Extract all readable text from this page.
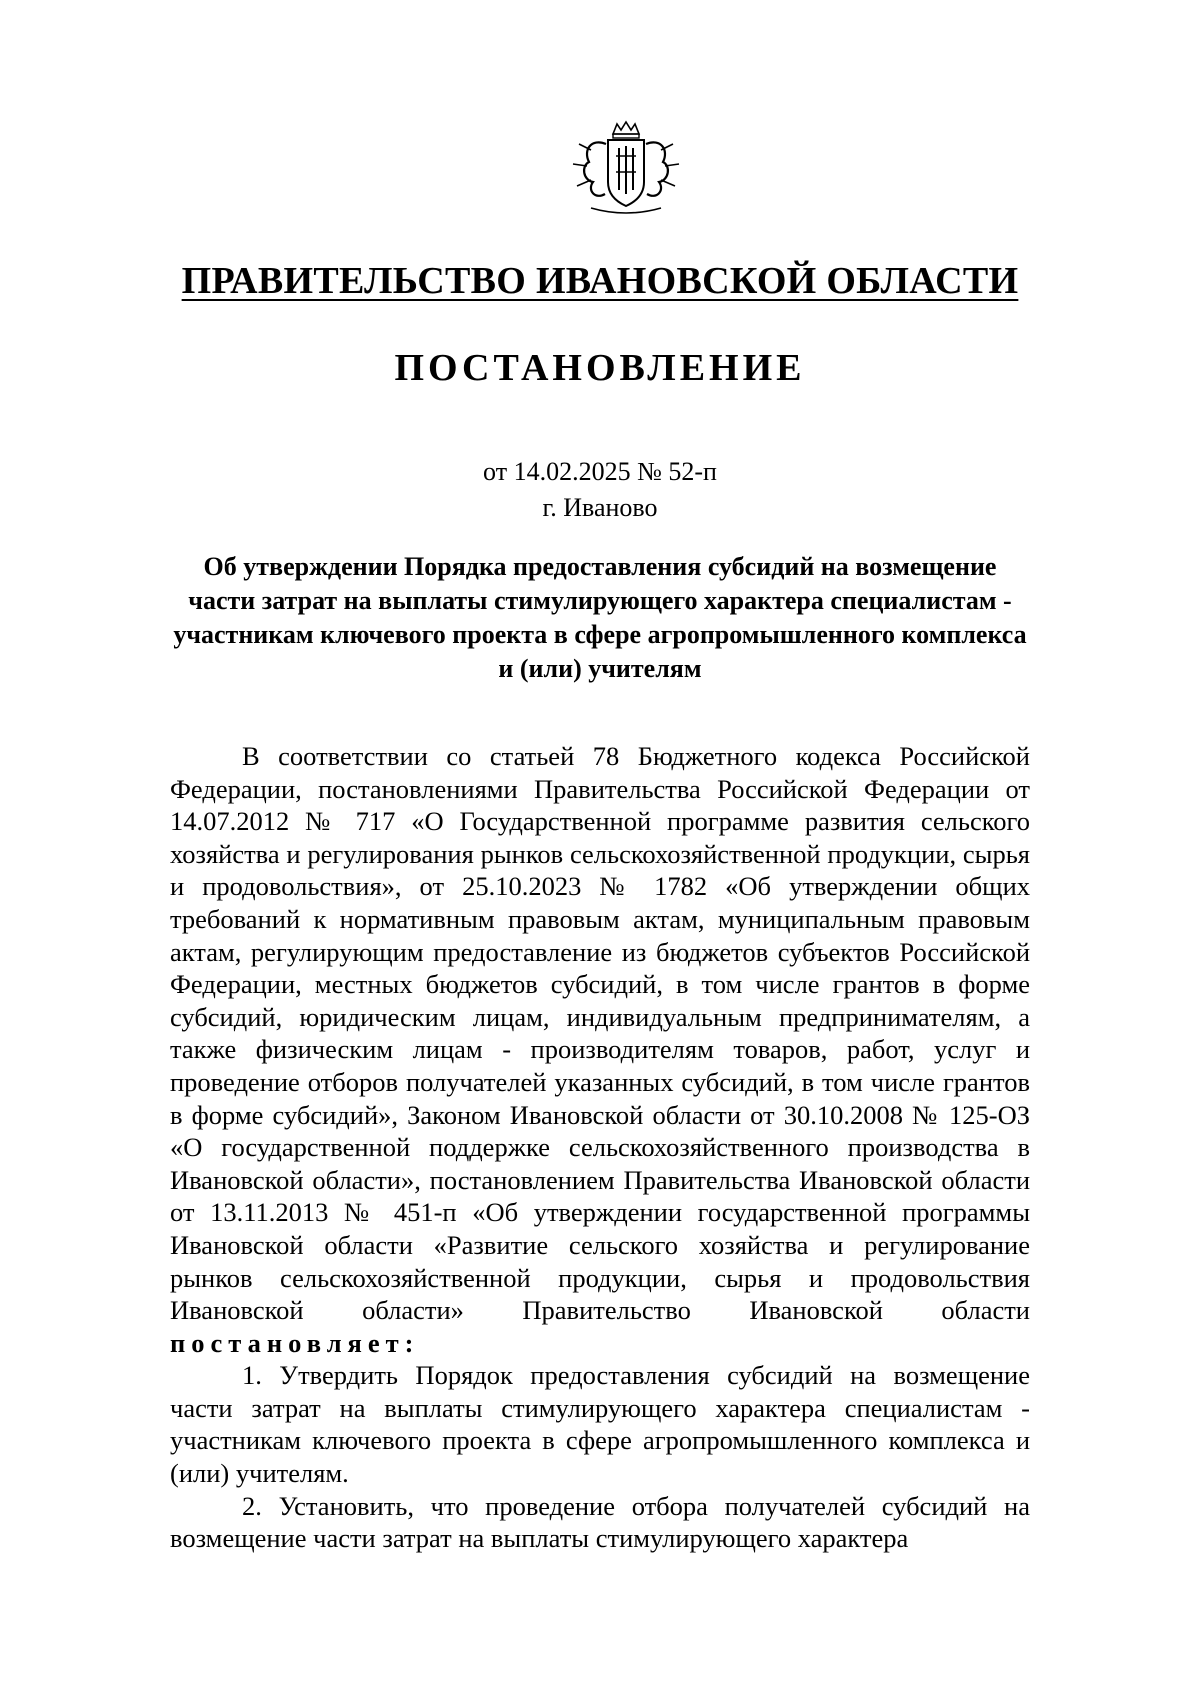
ПРАВИТЕЛЬСТВО ИВАНОВСКОЙ ОБЛАСТИ
ПОСТАНОВЛЕНИЕ
от 14.02.2025 № 52-п
г. Иваново
Об утверждении Порядка предоставления субсидий на возмещение части затрат на выплаты стимулирующего характера специалистам - участникам ключевого проекта в сфере агропромышленного комплекса и (или) учителям

В соответствии со статьей 78 Бюджетного кодекса Российской Федерации, постановлениями Правительства Российской Федерации от 14.07.2012 № 717 «О Государственной программе развития сельского хозяйства и регулирования рынков сельскохозяйственной продукции, сырья и продовольствия», от 25.10.2023 № 1782 «Об утверждении общих требований к нормативным правовым актам, муниципальным правовым актам, регулирующим предоставление из бюджетов субъектов Российской Федерации, местных бюджетов субсидий, в том числе грантов в форме субсидий, юридическим лицам, индивидуальным предпринимателям, а также физическим лицам - производителям товаров, работ, услуг и проведение отборов получателей указанных субсидий, в том числе грантов в форме субсидий», Законом Ивановской области от 30.10.2008 № 125-ОЗ «О государственной поддержке сельскохозяйственного производства в Ивановской области», постановлением Правительства Ивановской области от 13.11.2013 № 451-п «Об утверждении государственной программы Ивановской области «Развитие сельского хозяйства и регулирование рынков сельскохозяйственной продукции, сырья и продовольствия Ивановской области» Правительство Ивановской области постановляет:

1. Утвердить Порядок предоставления субсидий на возмещение части затрат на выплаты стимулирующего характера специалистам - участникам ключевого проекта в сфере агропромышленного комплекса и (или) учителям.

2. Установить, что проведение отбора получателей субсидий на возмещение части затрат на выплаты стимулирующего характера
